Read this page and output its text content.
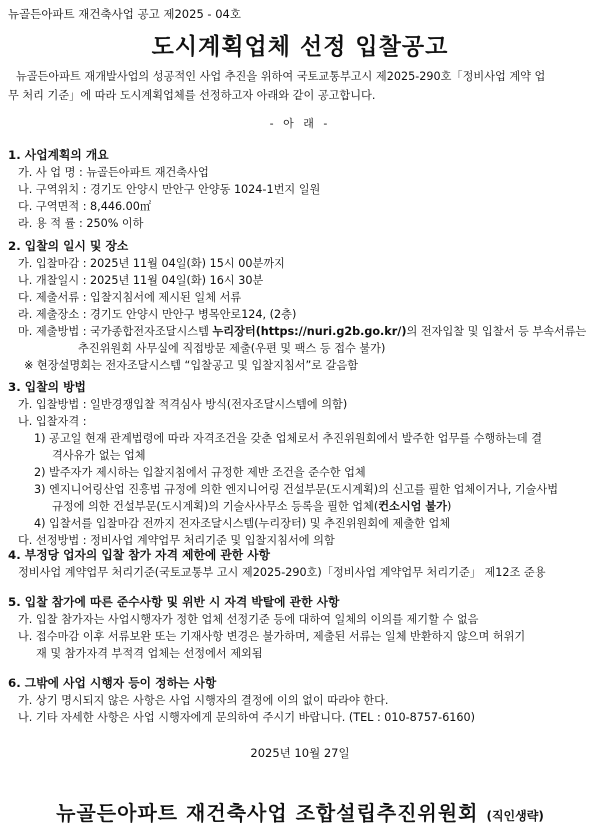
뉴골든아파트 재건축사업 공고 제2025 - 04호
도시계획업체 선정 입찰공고
뉴골든아파트 재개발사업의 성공적인 사업 추진을 위하여 국토교통부고시 제2025-290호「정비사업 계약 업
무 처리 기준」에 따라 도시계획업체를 선정하고자 아래와 같이 공고합니다.
- 아 래 -
1. 사업계획의 개요
가. 사 업 명 : 뉴골든아파트 재건축사업
나. 구역위치 : 경기도 안양시 만안구 안양동 1024-1번지 일원
다. 구역면적 : 8,446.00㎡
라. 용 적 률 : 250% 이하
2. 입찰의 일시 및 장소
가. 입찰마감 : 2025년 11월 04일(화) 15시 00분까지
나. 개찰일시 : 2025년 11월 04일(화) 16시 30분
다. 제출서류 : 입찰지침서에 제시된 일체 서류
라. 제출장소 : 경기도 안양시 만안구 병목안로124, (2층)
마. 제출방법 : 국가종합전자조달시스템 누리장터(https://nuri.g2b.go.kr/)의 전자입찰 및 입찰서 등 부속서류는
추진위원회 사무실에 직접방문 제출(우편 및 팩스 등 접수 불가)
※ 현장설명회는 전자조달시스템 “입찰공고 및 입찰지침서”로 갈음함
3. 입찰의 방법
가. 입찰방법 : 일반경쟁입찰 적격심사 방식(전자조달시스템에 의함)
나. 입찰자격 :
1) 공고일 현재 관계법령에 따라 자격조건을 갖춘 업체로서 추진위원회에서 발주한 업무를 수행하는데 결
격사유가 없는 업체
2) 발주자가 제시하는 입찰지침에서 규정한 제반 조건을 준수한 업체
3) 엔지니어링산업 진흥법 규정에 의한 엔지니어링 건설부문(도시계획)의 신고를 필한 업체이거나, 기술사법
규정에 의한 건설부문(도시계획)의 기술사사무소 등록을 필한 업체(컨소시엄 불가)
4) 입찰서를 입찰마감 전까지 전자조달시스템(누리장터) 및 추진위원회에 제출한 업체
다. 선정방법 : 정비사업 계약업무 처리기준 및 입찰지침서에 의함
4. 부정당 업자의 입찰 참가 자격 제한에 관한 사항
정비사업 계약업무 처리기준(국토교통부 고시 제2025-290호)「정비사업 계약업무 처리기준」 제12조 준용
5. 입찰 참가에 따른 준수사항 및 위반 시 자격 박탈에 관한 사항
가. 입찰 참가자는 사업시행자가 정한 업체 선정기준 등에 대하여 일체의 이의를 제기할 수 없음
나. 접수마감 이후 서류보완 또는 기재사항 변경은 불가하며, 제출된 서류는 일체 반환하지 않으며 허위기
재 및 참가자격 부적격 업체는 선정에서 제외됨
6. 그밖에 사업 시행자 등이 정하는 사항
가. 상기 명시되지 않은 사항은 사업 시행자의 결정에 이의 없이 따라야 한다.
나. 기타 자세한 사항은 사업 시행자에게 문의하여 주시기 바랍니다. (TEL : 010-8757-6160)
2025년 10월 27일
뉴골든아파트 재건축사업 조합설립추진위원회 (직인생략)
